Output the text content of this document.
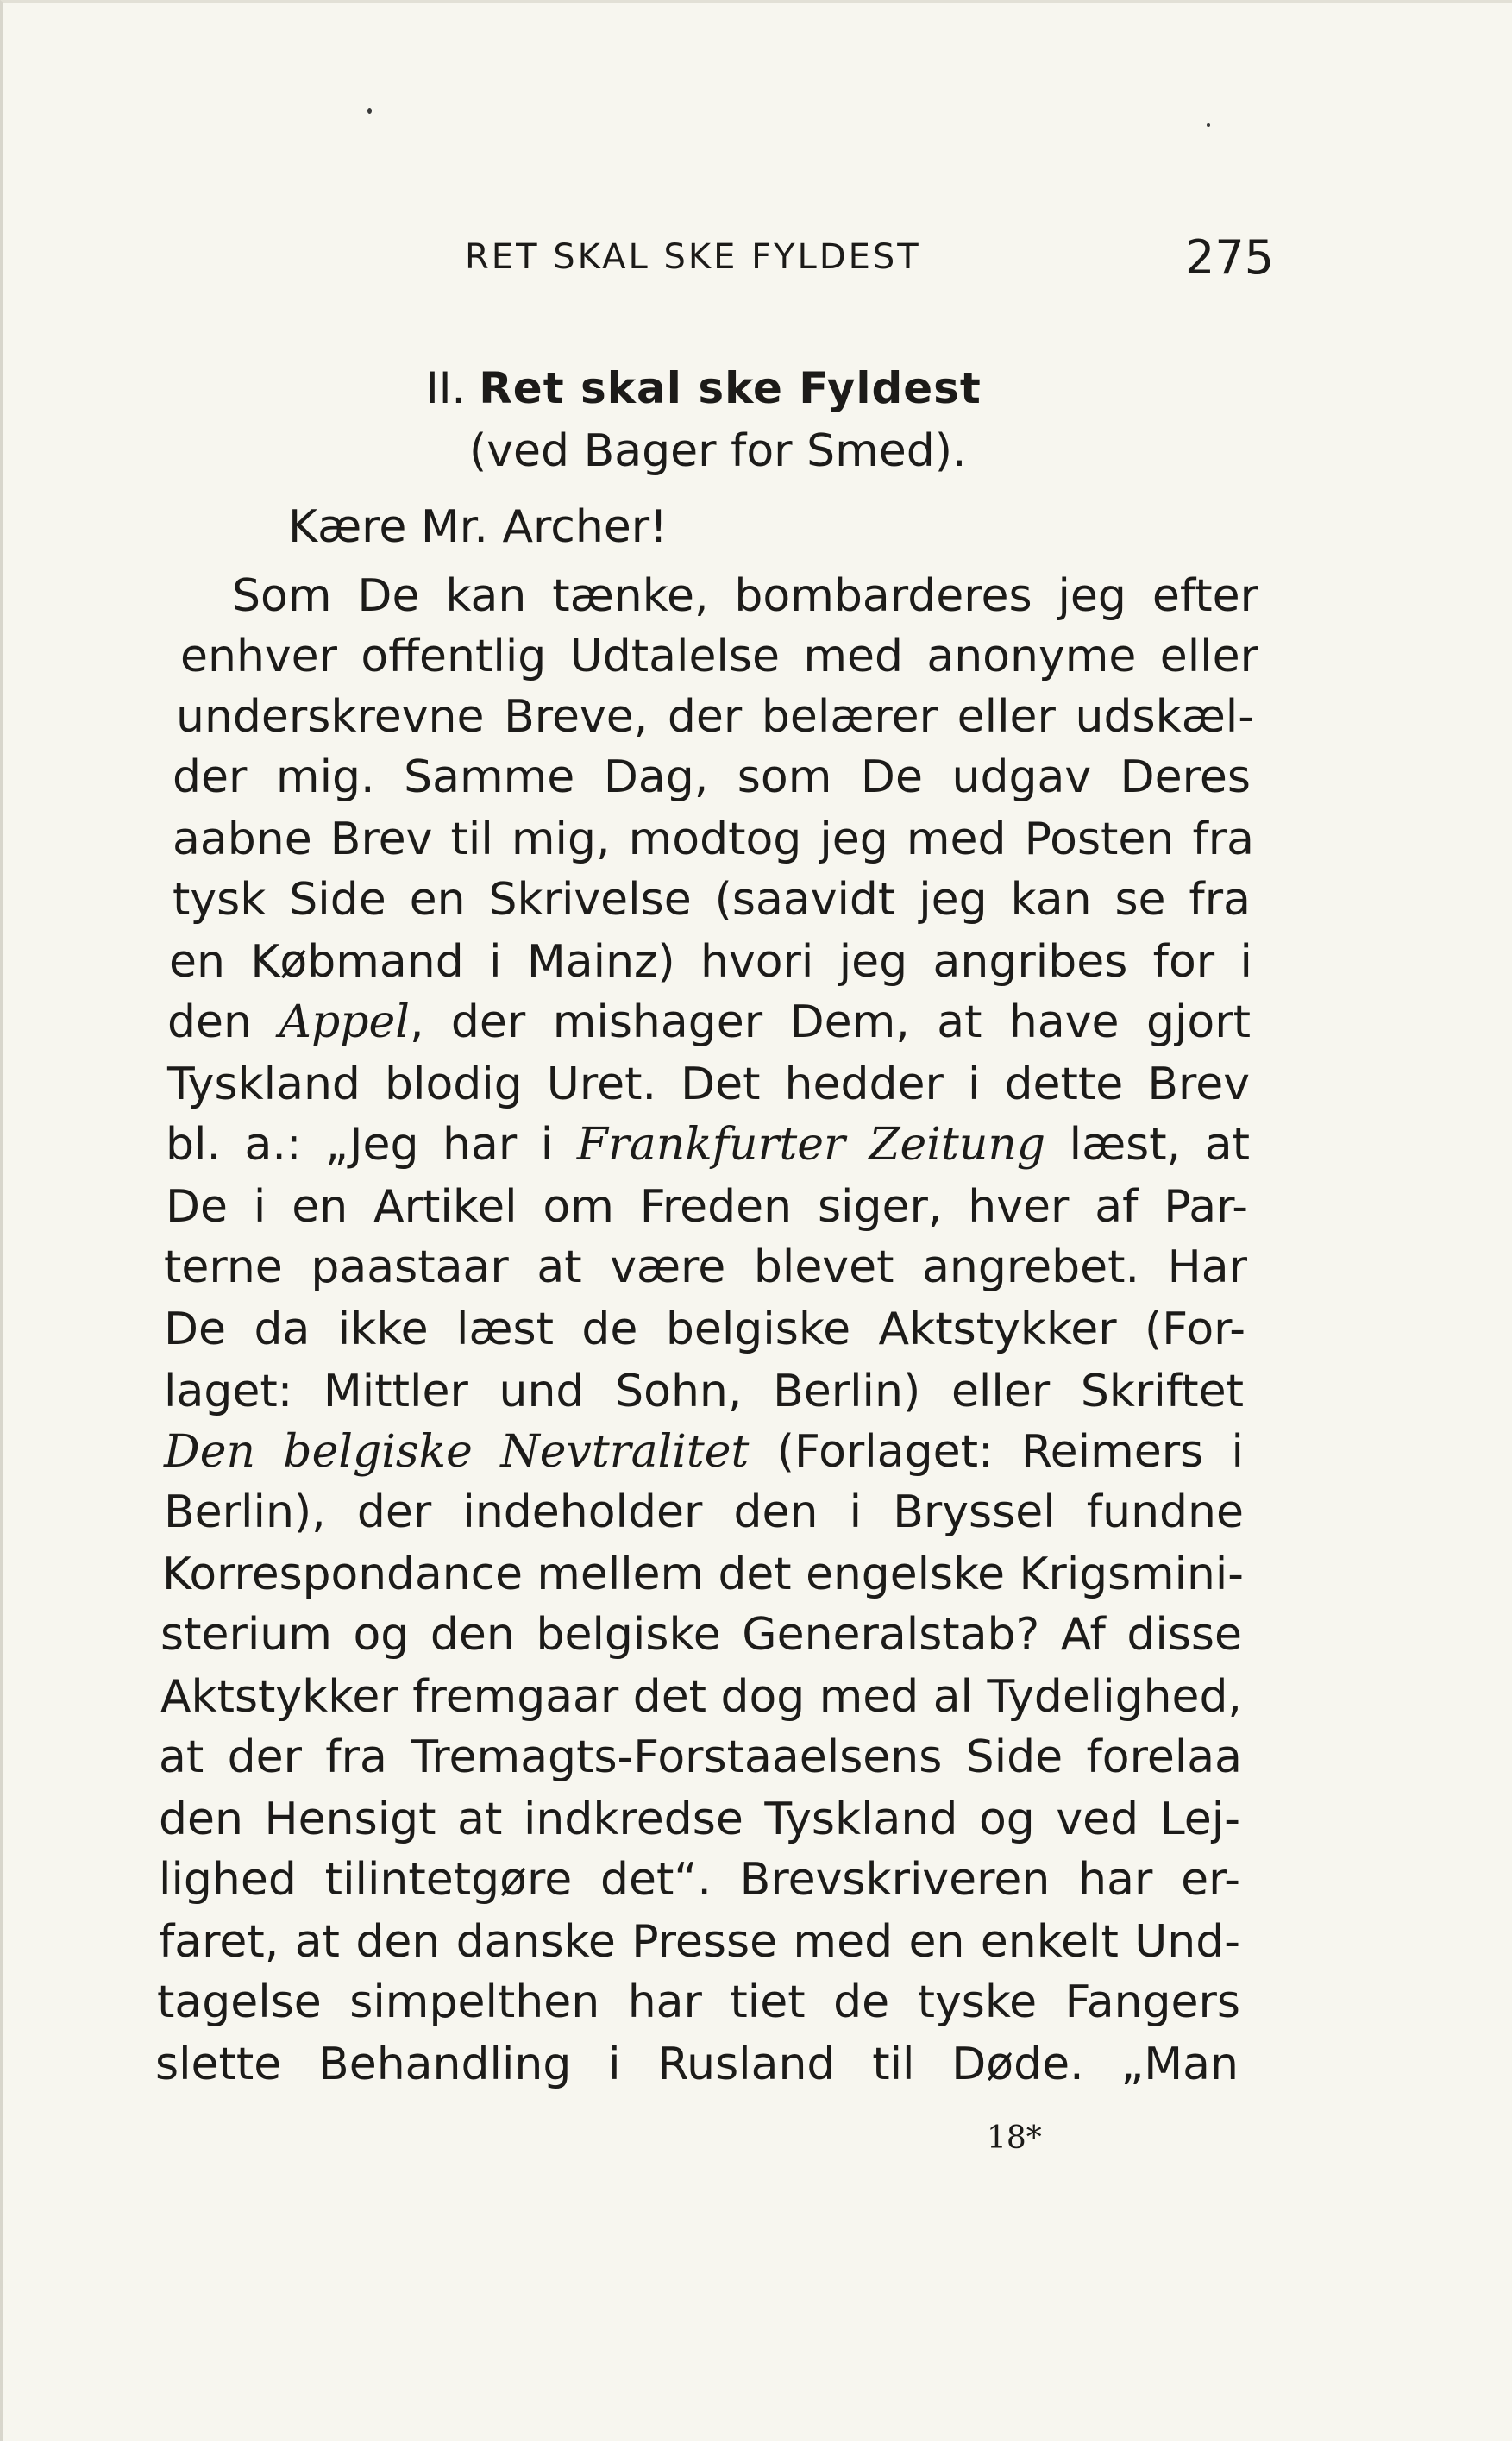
RET SKAL SKE FYLDEST	275
II. Ret skal ske Fyldest
(ved Bager for Smed).
Kære Mr. Archer!
Som De kan tænke, bombarderes jeg efter
enhver offentlig Udtalelse med anonyme eller
underskrevne Breve, der belærer eller udskæl-
der mig. Samme Dag, som De udgav Deres
aabne Brev til mig, modtog jeg med Posten fra
tysk Side en Skrivelse (saavidt jeg kan se fra
en Købmand i Mainz) hvori jeg angribes for i
den Appel, der mishager Dem, at have gjort
Tyskland blodig Uret. Det hedder i dette Brev
bl. a.: „Jeg har i Frankfurter Zeitung læst, at
De i en Artikel om Freden siger, hver af Par-
terne paastaar at være blevet angrebet. Har
De da ikke læst de belgiske Aktstykker (For-
laget: Mittler und Sohn, Berlin) eller Skriftet
Den belgiske Nevtralitet (Forlaget: Reimers i
Berlin), der indeholder den i Bryssel fundne
Korrespondance mellem det engelske Krigsmini-
sterium og den belgiske Generalstab? Af disse
Aktstykker fremgaar det dog med al Tydelighed,
at der fra Tremagts-Forstaaelsens Side forelaa
den Hensigt at indkredse Tyskland og ved Lej-
lighed tilintetgøre det“. Brevskriveren har er-
faret, at den danske Presse med en enkelt Und-
tagelse simpelthen har tiet de tyske Fangers
slette Behandling i Rusland til Døde. „Man
18*
